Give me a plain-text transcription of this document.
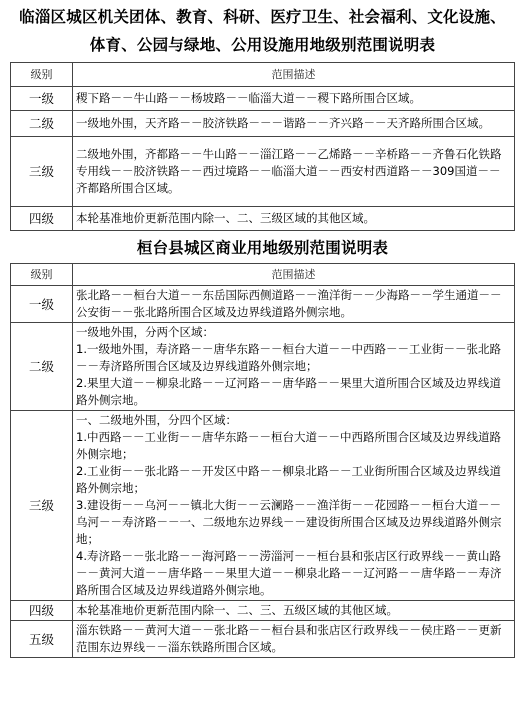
临淄区城区机关团体、教育、科研、医疗卫生、社会福利、文化设施、
体育、公园与绿地、公用设施用地级别范围说明表
级别	范围描述
一级	稷下路－－牛山路－－杨坡路－－临淄大道－－稷下路所围合区域。
二级	一级地外围，天齐路－－胶济铁路－－－谐路－－齐兴路－－天齐路所围合区域。
三级	二级地外围，齐都路－－牛山路－－淄江路－－乙烯路－－辛桥路－－齐鲁石化铁路专用线－－胶济铁路－－西过境路－－临淄大道－－西安村西道路－－309国道－－齐都路所围合区域。
四级	本轮基准地价更新范围内除一、二、三级区域的其他区域。
桓台县城区商业用地级别范围说明表
级别	范围描述
一级	张北路－－桓台大道－－东岳国际西侧道路－－渔洋街－－少海路－－学生通道－－公安街－－张北路所围合区域及边界线道路外侧宗地。

二级	一级地外围，分两个区域：
1.一级地外围，寿济路－－唐华东路－－桓台大道－－中西路－－工业街－－张北路－－寿济路所围合区域及边界线道路外侧宗地；
2.果里大道－－柳泉北路－－辽河路－－唐华路－－果里大道所围合区域及边界线道路外侧宗地。

三级	一、二级地外围，分四个区域：
1.中西路－－工业街－－唐华东路－－桓台大道－－中西路所围合区域及边界线道路外侧宗地；
2.工业街－－张北路－－开发区中路－－柳泉北路－－工业街所围合区域及边界线道路外侧宗地；
3.建设街－－乌河－－镇北大街－－云澜路－－渔洋街－－花园路－－桓台大道－－乌河－－寿济路－－一、二级地东边界线－－建设街所围合区域及边界线道路外侧宗地；
4.寿济路－－张北路－－海河路－－涝淄河－－桓台县和张店区行政界线－－黄山路－－黄河大道－－唐华路－－果里大道－－柳泉北路－－辽河路－－唐华路－－寿济路所围合区域及边界线道路外侧宗地。

四级	本轮基准地价更新范围内除一、二、三、五级区域的其他区域。

五级	淄东铁路－－黄河大道－－张北路－－桓台县和张店区行政界线－－侯庄路－－更新范围东边界线－－淄东铁路所围合区域。
